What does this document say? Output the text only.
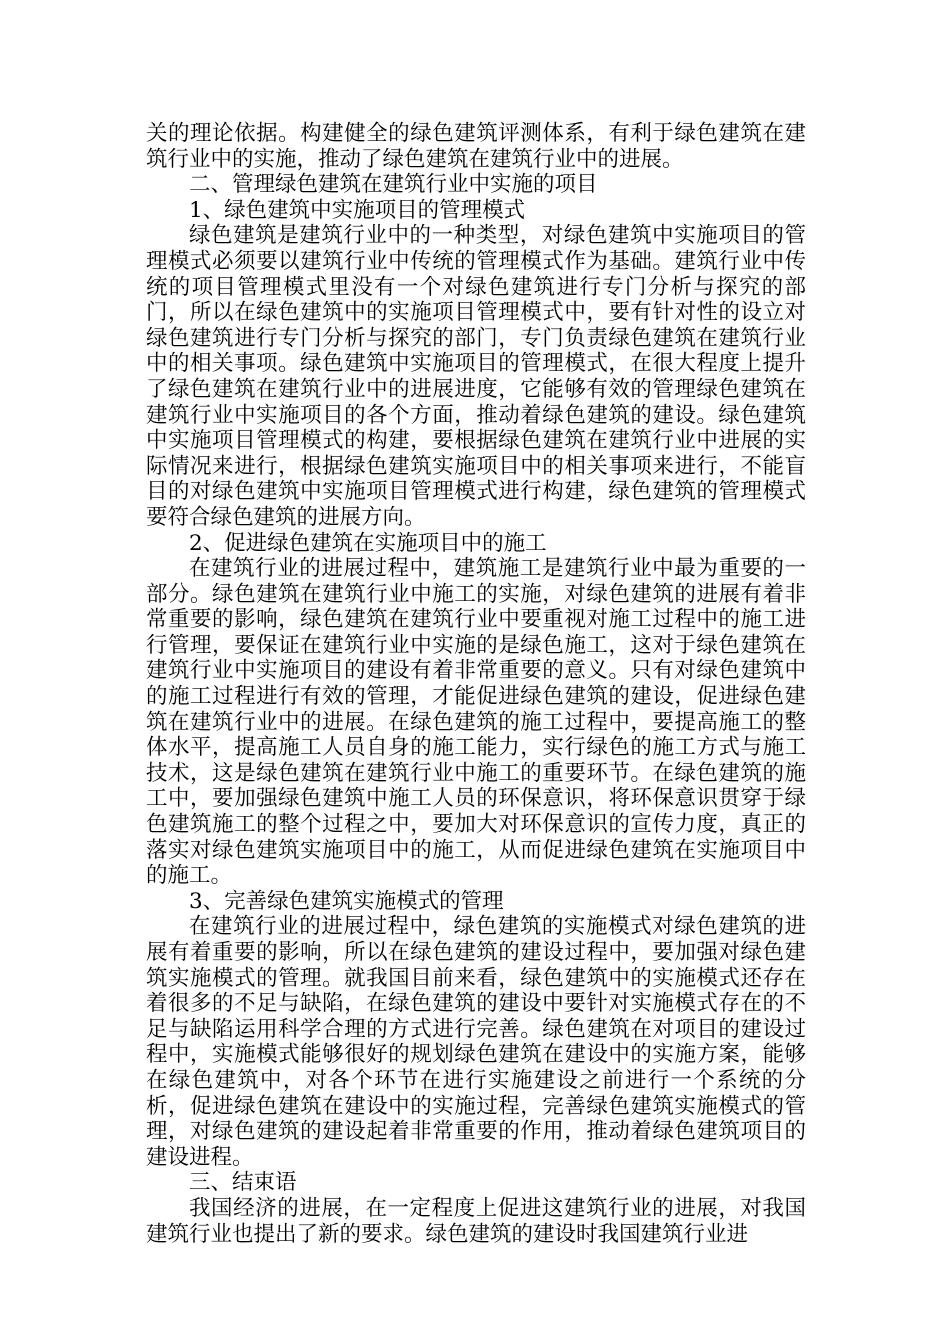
关的理论依据。构建健全的绿色建筑评测体系，有利于绿色建筑在建筑行业中的实施，推动了绿色建筑在建筑行业中的进展。

二、管理绿色建筑在建筑行业中实施的项目

1、绿色建筑中实施项目的管理模式

绿色建筑是建筑行业中的一种类型，对绿色建筑中实施项目的管理模式必须要以建筑行业中传统的管理模式作为基础。建筑行业中传统的项目管理模式里没有一个对绿色建筑进行专门分析与探究的部门，所以在绿色建筑中的实施项目管理模式中，要有针对性的设立对绿色建筑进行专门分析与探究的部门，专门负责绿色建筑在建筑行业中的相关事项。绿色建筑中实施项目的管理模式，在很大程度上提升了绿色建筑在建筑行业中的进展进度，它能够有效的管理绿色建筑在建筑行业中实施项目的各个方面，推动着绿色建筑的建设。绿色建筑中实施项目管理模式的构建，要根据绿色建筑在建筑行业中进展的实际情况来进行，根据绿色建筑实施项目中的相关事项来进行，不能盲目的对绿色建筑中实施项目管理模式进行构建，绿色建筑的管理模式要符合绿色建筑的进展方向。

2、促进绿色建筑在实施项目中的施工

在建筑行业的进展过程中，建筑施工是建筑行业中最为重要的一部分。绿色建筑在建筑行业中施工的实施，对绿色建筑的进展有着非常重要的影响，绿色建筑在建筑行业中要重视对施工过程中的施工进行管理，要保证在建筑行业中实施的是绿色施工，这对于绿色建筑在建筑行业中实施项目的建设有着非常重要的意义。只有对绿色建筑中的施工过程进行有效的管理，才能促进绿色建筑的建设，促进绿色建筑在建筑行业中的进展。在绿色建筑的施工过程中，要提高施工的整体水平，提高施工人员自身的施工能力，实行绿色的施工方式与施工技术，这是绿色建筑在建筑行业中施工的重要环节。在绿色建筑的施工中，要加强绿色建筑中施工人员的环保意识，将环保意识贯穿于绿色建筑施工的整个过程之中，要加大对环保意识的宣传力度，真正的落实对绿色建筑实施项目中的施工，从而促进绿色建筑在实施项目中的施工。

3、完善绿色建筑实施模式的管理

在建筑行业的进展过程中，绿色建筑的实施模式对绿色建筑的进展有着重要的影响，所以在绿色建筑的建设过程中，要加强对绿色建筑实施模式的管理。就我国目前来看，绿色建筑中的实施模式还存在着很多的不足与缺陷，在绿色建筑的建设中要针对实施模式存在的不足与缺陷运用科学合理的方式进行完善。绿色建筑在对项目的建设过程中，实施模式能够很好的规划绿色建筑在建设中的实施方案，能够在绿色建筑中，对各个环节在进行实施建设之前进行一个系统的分析，促进绿色建筑在建设中的实施过程，完善绿色建筑实施模式的管理，对绿色建筑的建设起着非常重要的作用，推动着绿色建筑项目的建设进程。

三、结束语

我国经济的进展，在一定程度上促进这建筑行业的进展，对我国建筑行业也提出了新的要求。绿色建筑的建设时我国建筑行业进
